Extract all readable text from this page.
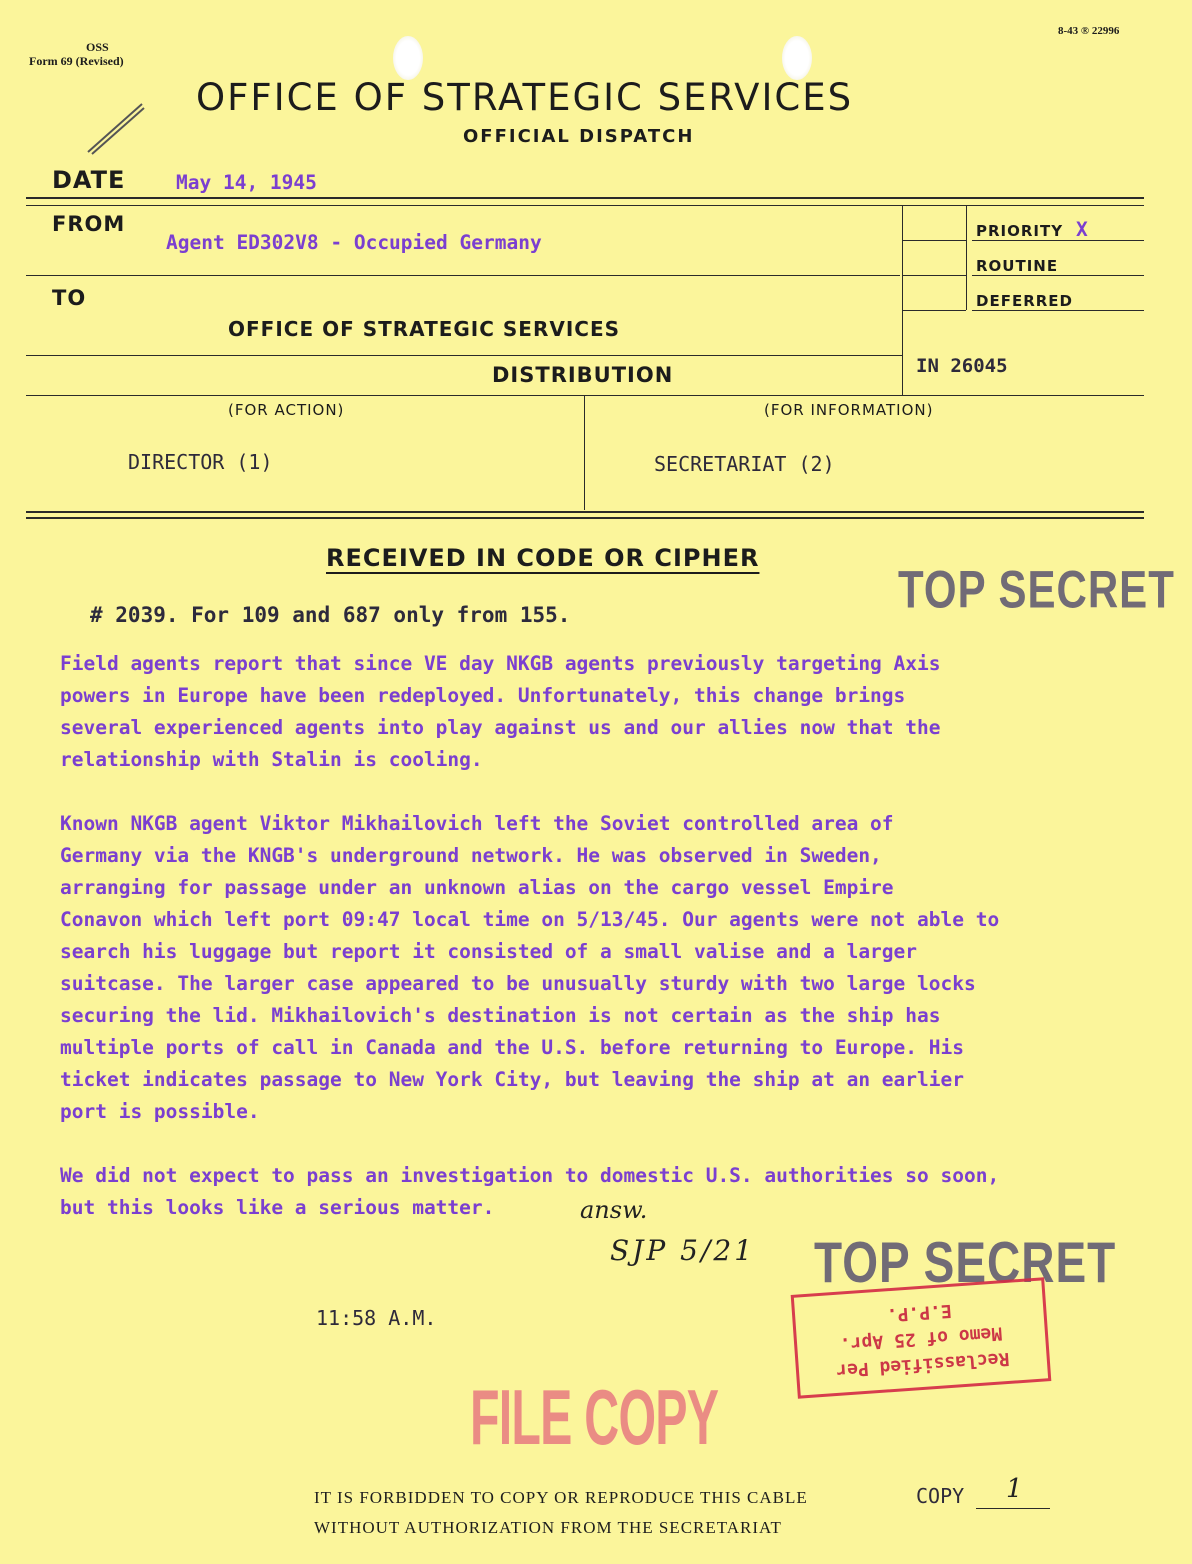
OSS
Form 69 (Revised)
8-43 ® 22996
OFFICE OF STRATEGIC SERVICES
OFFICIAL DISPATCH
DATE	May 14, 1945
FROM
Agent ED302V8 - Occupied Germany	PRIORITY X
ROUTINE
DEFERRED
TO
OFFICE OF STRATEGIC SERVICES
DISTRIBUTION	IN 26045
(FOR ACTION)	(FOR INFORMATION)
DIRECTOR (1)	SECRETARIAT (2)
RECEIVED IN CODE OR CIPHER
TOP SECRET
# 2039. For 109 and 687 only from 155.
Field agents report that since VE day NKGB agents previously targeting Axis
powers in Europe have been redeployed. Unfortunately, this change brings
several experienced agents into play against us and our allies now that the
relationship with Stalin is cooling.
Known NKGB agent Viktor Mikhailovich left the Soviet controlled area of
Germany via the KNGB's underground network. He was observed in Sweden,
arranging for passage under an unknown alias on the cargo vessel Empire
Conavon which left port 09:47 local time on 5/13/45. Our agents were not able to
search his luggage but report it consisted of a small valise and a larger
suitcase. The larger case appeared to be unusually sturdy with two large locks
securing the lid. Mikhailovich's destination is not certain as the ship has
multiple ports of call in Canada and the U.S. before returning to Europe. His
ticket indicates passage to New York City, but leaving the ship at an earlier
port is possible.
We did not expect to pass an investigation to domestic U.S. authorities so soon,
but this looks like a serious matter.	answ.
SJP 5/21 TOP SECRET
Reclassified Per
Memo of 25 Apr.
E.P.P.
11:58 A.M.
FILE COPY
IT IS FORBIDDEN TO COPY OR REPRODUCE THIS CABLE
WITHOUT AUTHORIZATION FROM THE SECRETARIAT
COPY 1
